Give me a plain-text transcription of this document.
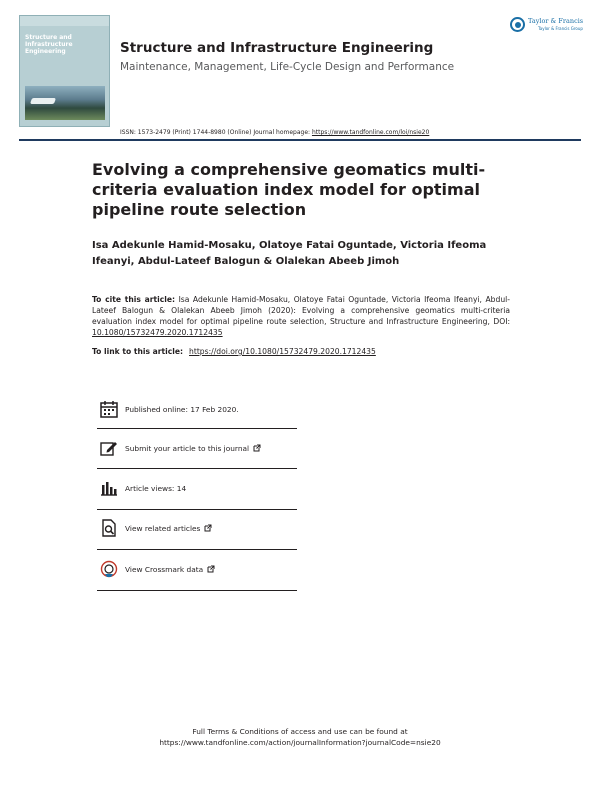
Structure and
Infrastructure Engineering	Structure and Infrastructure Engineering
Maintenance, Management, Life-Cycle Design and Performance
Taylor & Francis
Taylor & Francis Group
ISSN: 1573-2479 (Print) 1744-8980 (Online) Journal homepage: https://www.tandfonline.com/loi/nsie20
Evolving a comprehensive geomatics multi-criteria evaluation index model for optimal pipeline route selection
Isa Adekunle Hamid-Mosaku, Olatoye Fatai Oguntade, Victoria Ifeoma Ifeanyi, Abdul-Lateef Balogun & Olalekan Abeeb Jimoh
To cite this article: Isa Adekunle Hamid-Mosaku, Olatoye Fatai Oguntade, Victoria Ifeoma Ifeanyi, Abdul-Lateef Balogun & Olalekan Abeeb Jimoh (2020): Evolving a comprehensive geomatics multi-criteria evaluation index model for optimal pipeline route selection, Structure and Infrastructure Engineering, DOI: 10.1080/15732479.2020.1712435
To link to this article: https://doi.org/10.1080/15732479.2020.1712435
Published online: 17 Feb 2020.
Submit your article to this journal
Article views: 14
View related articles
View Crossmark data
Full Terms & Conditions of access and use can be found at
https://www.tandfonline.com/action/journalInformation?journalCode=nsie20
